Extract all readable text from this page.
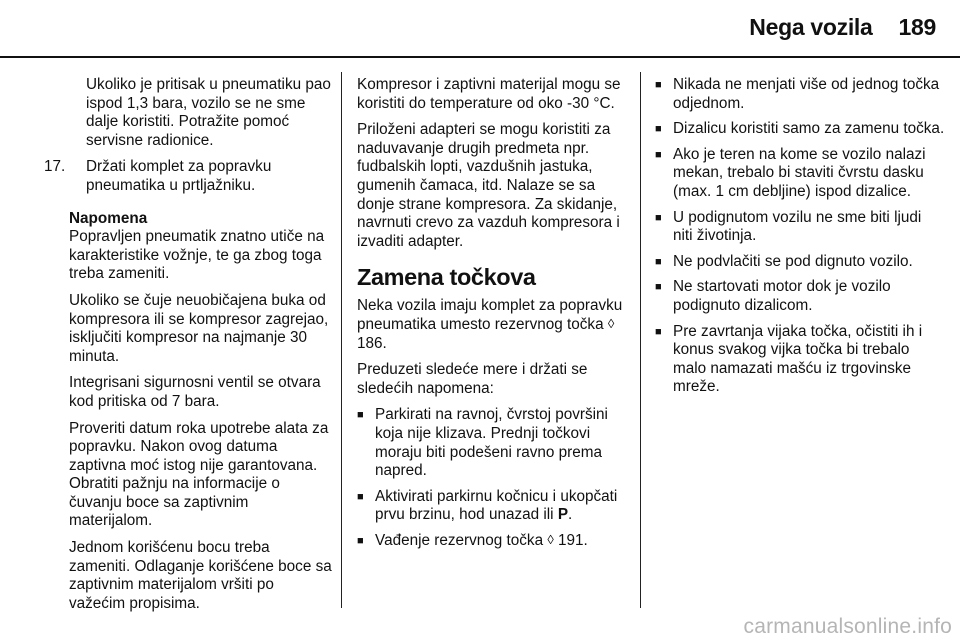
Nega vozila 189

Ukoliko je pritisak u pneumatiku pao ispod 1,3 bara, vozilo se ne sme dalje koristiti. Potražite pomoć servisne radionice.

17.	Držati komplet za popravku pneumatika u prtljažniku.

Napomena

Popravljen pneumatik znatno utiče na karakteristike vožnje, te ga zbog toga treba zameniti.

Ukoliko se čuje neuobičajena buka od kompresora ili se kompresor zagrejao, isključiti kompresor na najmanje 30 minuta.

Integrisani sigurnosni ventil se otvara kod pritiska od 7 bara.

Proveriti datum roka upotrebe alata za popravku. Nakon ovog datuma zaptivna moć istog nije garantovana. Obratiti pažnju na informacije o čuvanju boce sa zaptivnim materijalom.

Jednom korišćenu bocu treba zameniti. Odlaganje korišćene boce sa zaptivnim materijalom vršiti po važećim propisima.

Kompresor i zaptivni materijal mogu se koristiti do temperature od oko -30 °C.

Priloženi adapteri se mogu koristiti za naduvavanje drugih predmeta npr. fudbalskih lopti, vazdušnih jastuka, gumenih čamaca, itd. Nalaze se sa donje strane kompresora. Za skidanje, navrnuti crevo za vazduh kompresora i izvaditi adapter.

Zamena točkova

Neka vozila imaju komplet za popravku pneumatika umesto rezervnog točka ◊ 186.

Preduzeti sledeće mere i držati se sledećih napomena:

■ Parkirati na ravnoj, čvrstoj površini koja nije klizava. Prednji točkovi moraju biti podešeni ravno prema napred.
■ Aktivirati parkirnu kočnicu i ukopčati prvu brzinu, hod unazad ili P.
■ Vađenje rezervnog točka ◊ 191.
■ Nikada ne menjati više od jednog točka odjednom.
■ Dizalicu koristiti samo za zamenu točka.
■ Ako je teren na kome se vozilo nalazi mekan, trebalo bi staviti čvrstu dasku (max. 1 cm debljine) ispod dizalice.
■ U podignutom vozilu ne sme biti ljudi niti životinja.
■ Ne podvlačiti se pod dignuto vozilo.
■ Ne startovati motor dok je vozilo podignuto dizalicom.
■ Pre zavrtanja vijaka točka, očistiti ih i konus svakog vijka točka bi trebalo malo namazati mašću iz trgovinske mreže.
carmanualsonline.info
